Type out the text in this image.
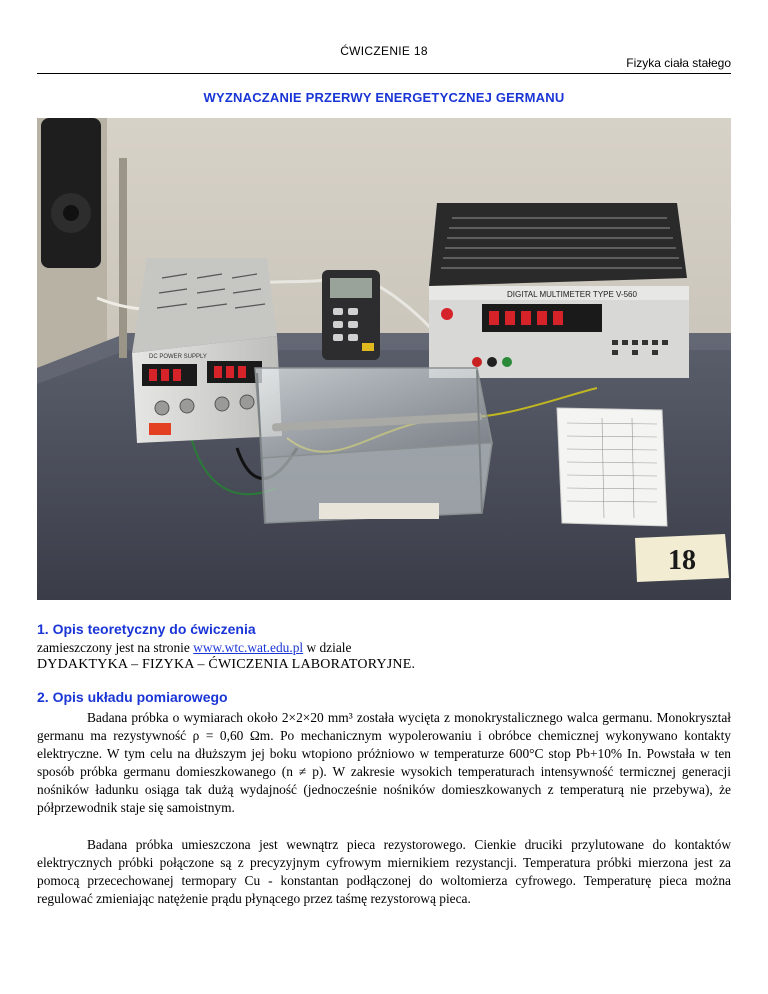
ĆWICZENIE 18
Fizyka ciała stałego
WYZNACZANIE PRZERWY ENERGETYCZNEJ GERMANU
DIGITAL MULTIMETER TYPE V-560
DC POWER SUPPLY
18
1. Opis teoretyczny do ćwiczenia
zamieszczony jest na stronie www.wtc.wat.edu.pl w dziale
DYDAKTYKA – FIZYKA – ĆWICZENIA LABORATORYJNE.
2. Opis układu pomiarowego
Badana próbka o wymiarach około 2×2×20 mm³ została wycięta z monokrystalicznego walca germanu. Monokryształ germanu ma rezystywność ρ = 0,60 Ωm. Po mechanicznym wypolerowaniu i obróbce chemicznej wykonywano kontakty elektryczne. W tym celu na dłuższym jej boku wtopiono próżniowo w temperaturze 600°C stop Pb+10% In. Powstała w ten sposób próbka germanu domieszkowanego (n ≠ p). W zakresie wysokich temperaturach intensywność termicznej generacji nośników ładunku osiąga tak dużą wydajność (jednocześnie nośników domieszkowanych z temperaturą nie przebywa), że półprzewodnik staje się samoistnym.
Badana próbka umieszczona jest wewnątrz pieca rezystorowego. Cienkie druciki przylutowane do kontaktów elektrycznych próbki połączone są z precyzyjnym cyfrowym miernikiem rezystancji. Temperatura próbki mierzona jest za pomocą przecechowanej termopary Cu - konstantan podłączonej do woltomierza cyfrowego. Temperaturę pieca można regulować zmieniając natężenie prądu płynącego przez taśmę rezystorową pieca.
